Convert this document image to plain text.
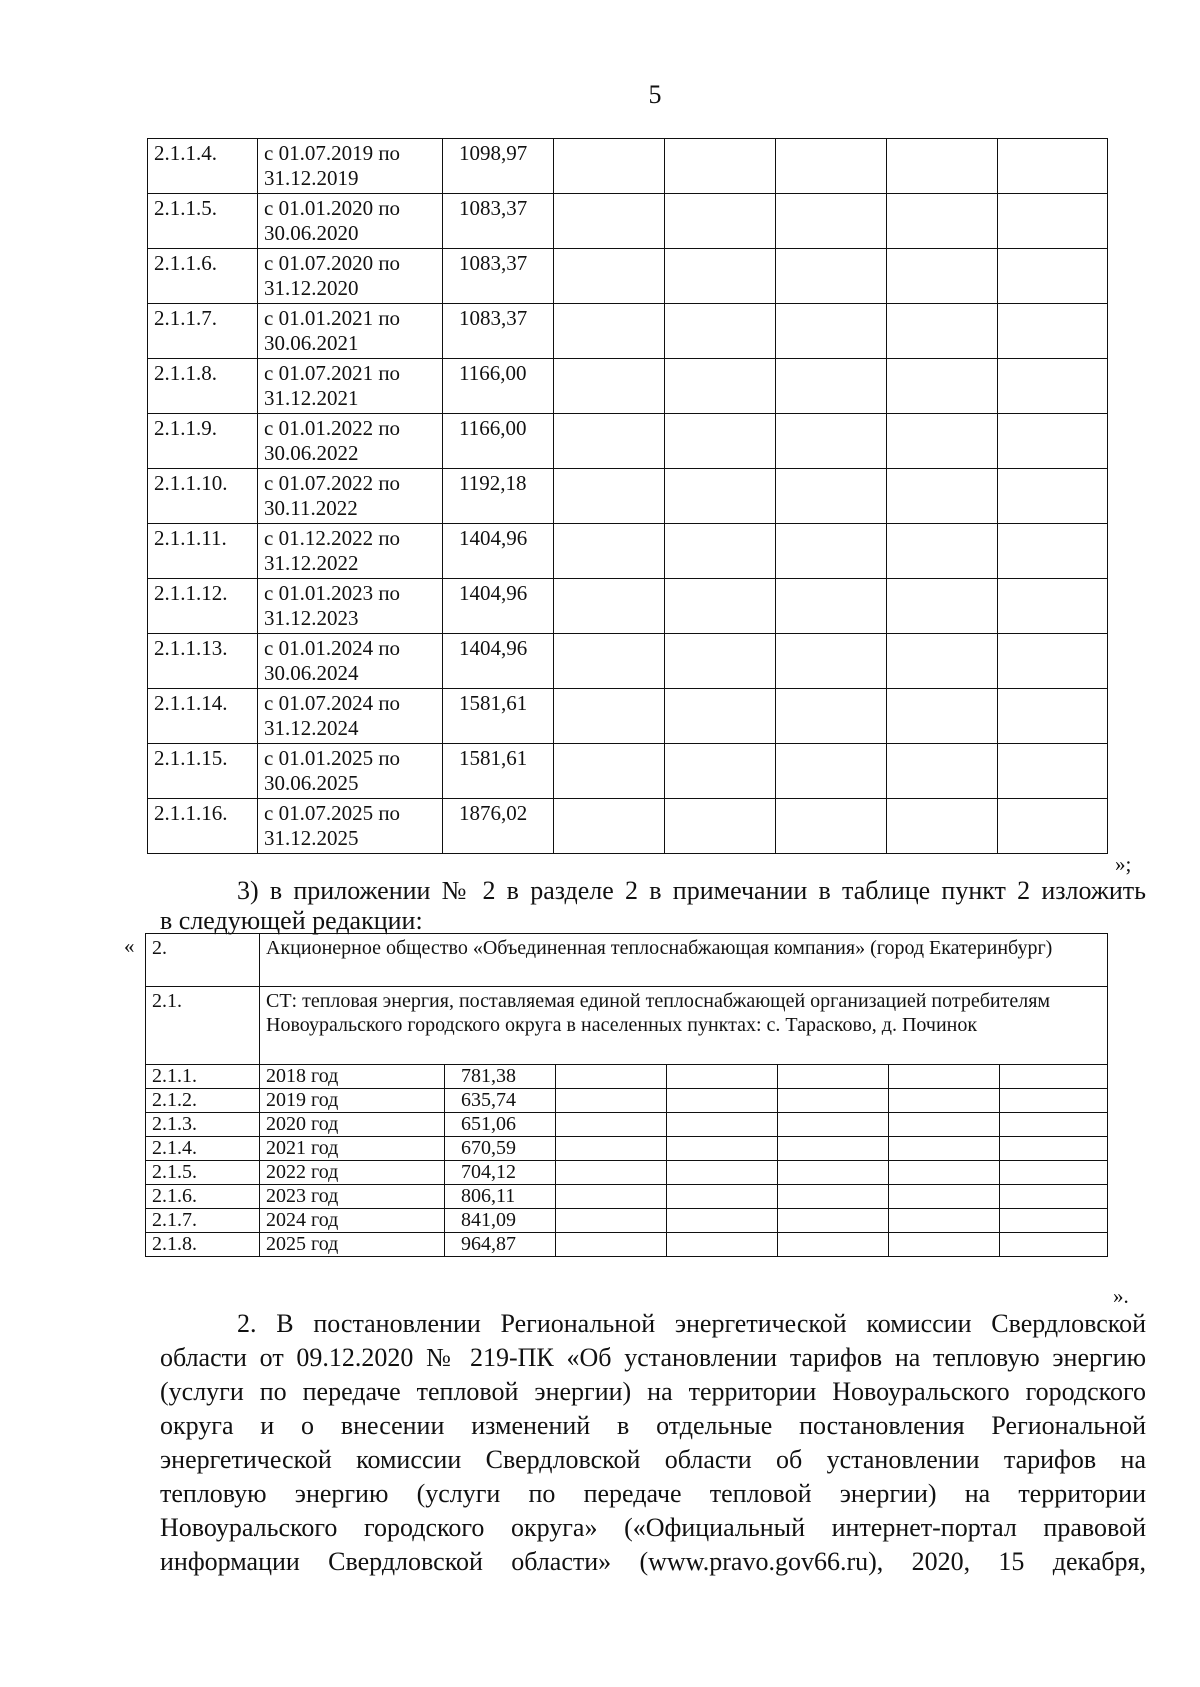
5
2.1.1.4.	с 01.07.2019 по 31.12.2019	1098,97					
2.1.1.5.	с 01.01.2020 по 30.06.2020	1083,37					
2.1.1.6.	с 01.07.2020 по 31.12.2020	1083,37					
2.1.1.7.	с 01.01.2021 по 30.06.2021	1083,37					
2.1.1.8.	с 01.07.2021 по 31.12.2021	1166,00					
2.1.1.9.	с 01.01.2022 по 30.06.2022	1166,00					
2.1.1.10.	с 01.07.2022 по 30.11.2022	1192,18					
2.1.1.11.	с 01.12.2022 по 31.12.2022	1404,96					
2.1.1.12.	с 01.01.2023 по 31.12.2023	1404,96					
2.1.1.13.	с 01.01.2024 по 30.06.2024	1404,96					
2.1.1.14.	с 01.07.2024 по 31.12.2024	1581,61					
2.1.1.15.	с 01.01.2025 по 30.06.2025	1581,61					
2.1.1.16.	с 01.07.2025 по 31.12.2025	1876,02					
»;
3) в приложении № 2 в разделе 2 в примечании в таблице пункт 2 изложить
в следующей редакции:
« 2.	Акционерное общество «Объединенная теплоснабжающая компания» (город Екатеринбург)						
2.1.	СТ: тепловая энергия, поставляемая единой теплоснабжающей организацией потребителям Новоуральского городского округа в населенных пунктах: с. Тарасково, д. Починок						
2.1.1.	2018 год	781,38					
2.1.2.	2019 год	635,74					
2.1.3.	2020 год	651,06					
2.1.4.	2021 год	670,59					
2.1.5.	2022 год	704,12					
2.1.6.	2023 год	806,11					
2.1.7.	2024 год	841,09					
2.1.8.	2025 год	964,87					
».
2. В постановлении Региональной энергетической комиссии Свердловской
области от 09.12.2020 № 219-ПК «Об установлении тарифов на тепловую энергию
(услуги по передаче тепловой энергии) на территории Новоуральского городского
округа и о внесении изменений в отдельные постановления Региональной
энергетической комиссии Свердловской области об установлении тарифов на
тепловую энергию (услуги по передаче тепловой энергии) на территории
Новоуральского городского округа» («Официальный интернет-портал правовой
информации Свердловской области» (www.pravo.gov66.ru), 2020, 15 декабря,
